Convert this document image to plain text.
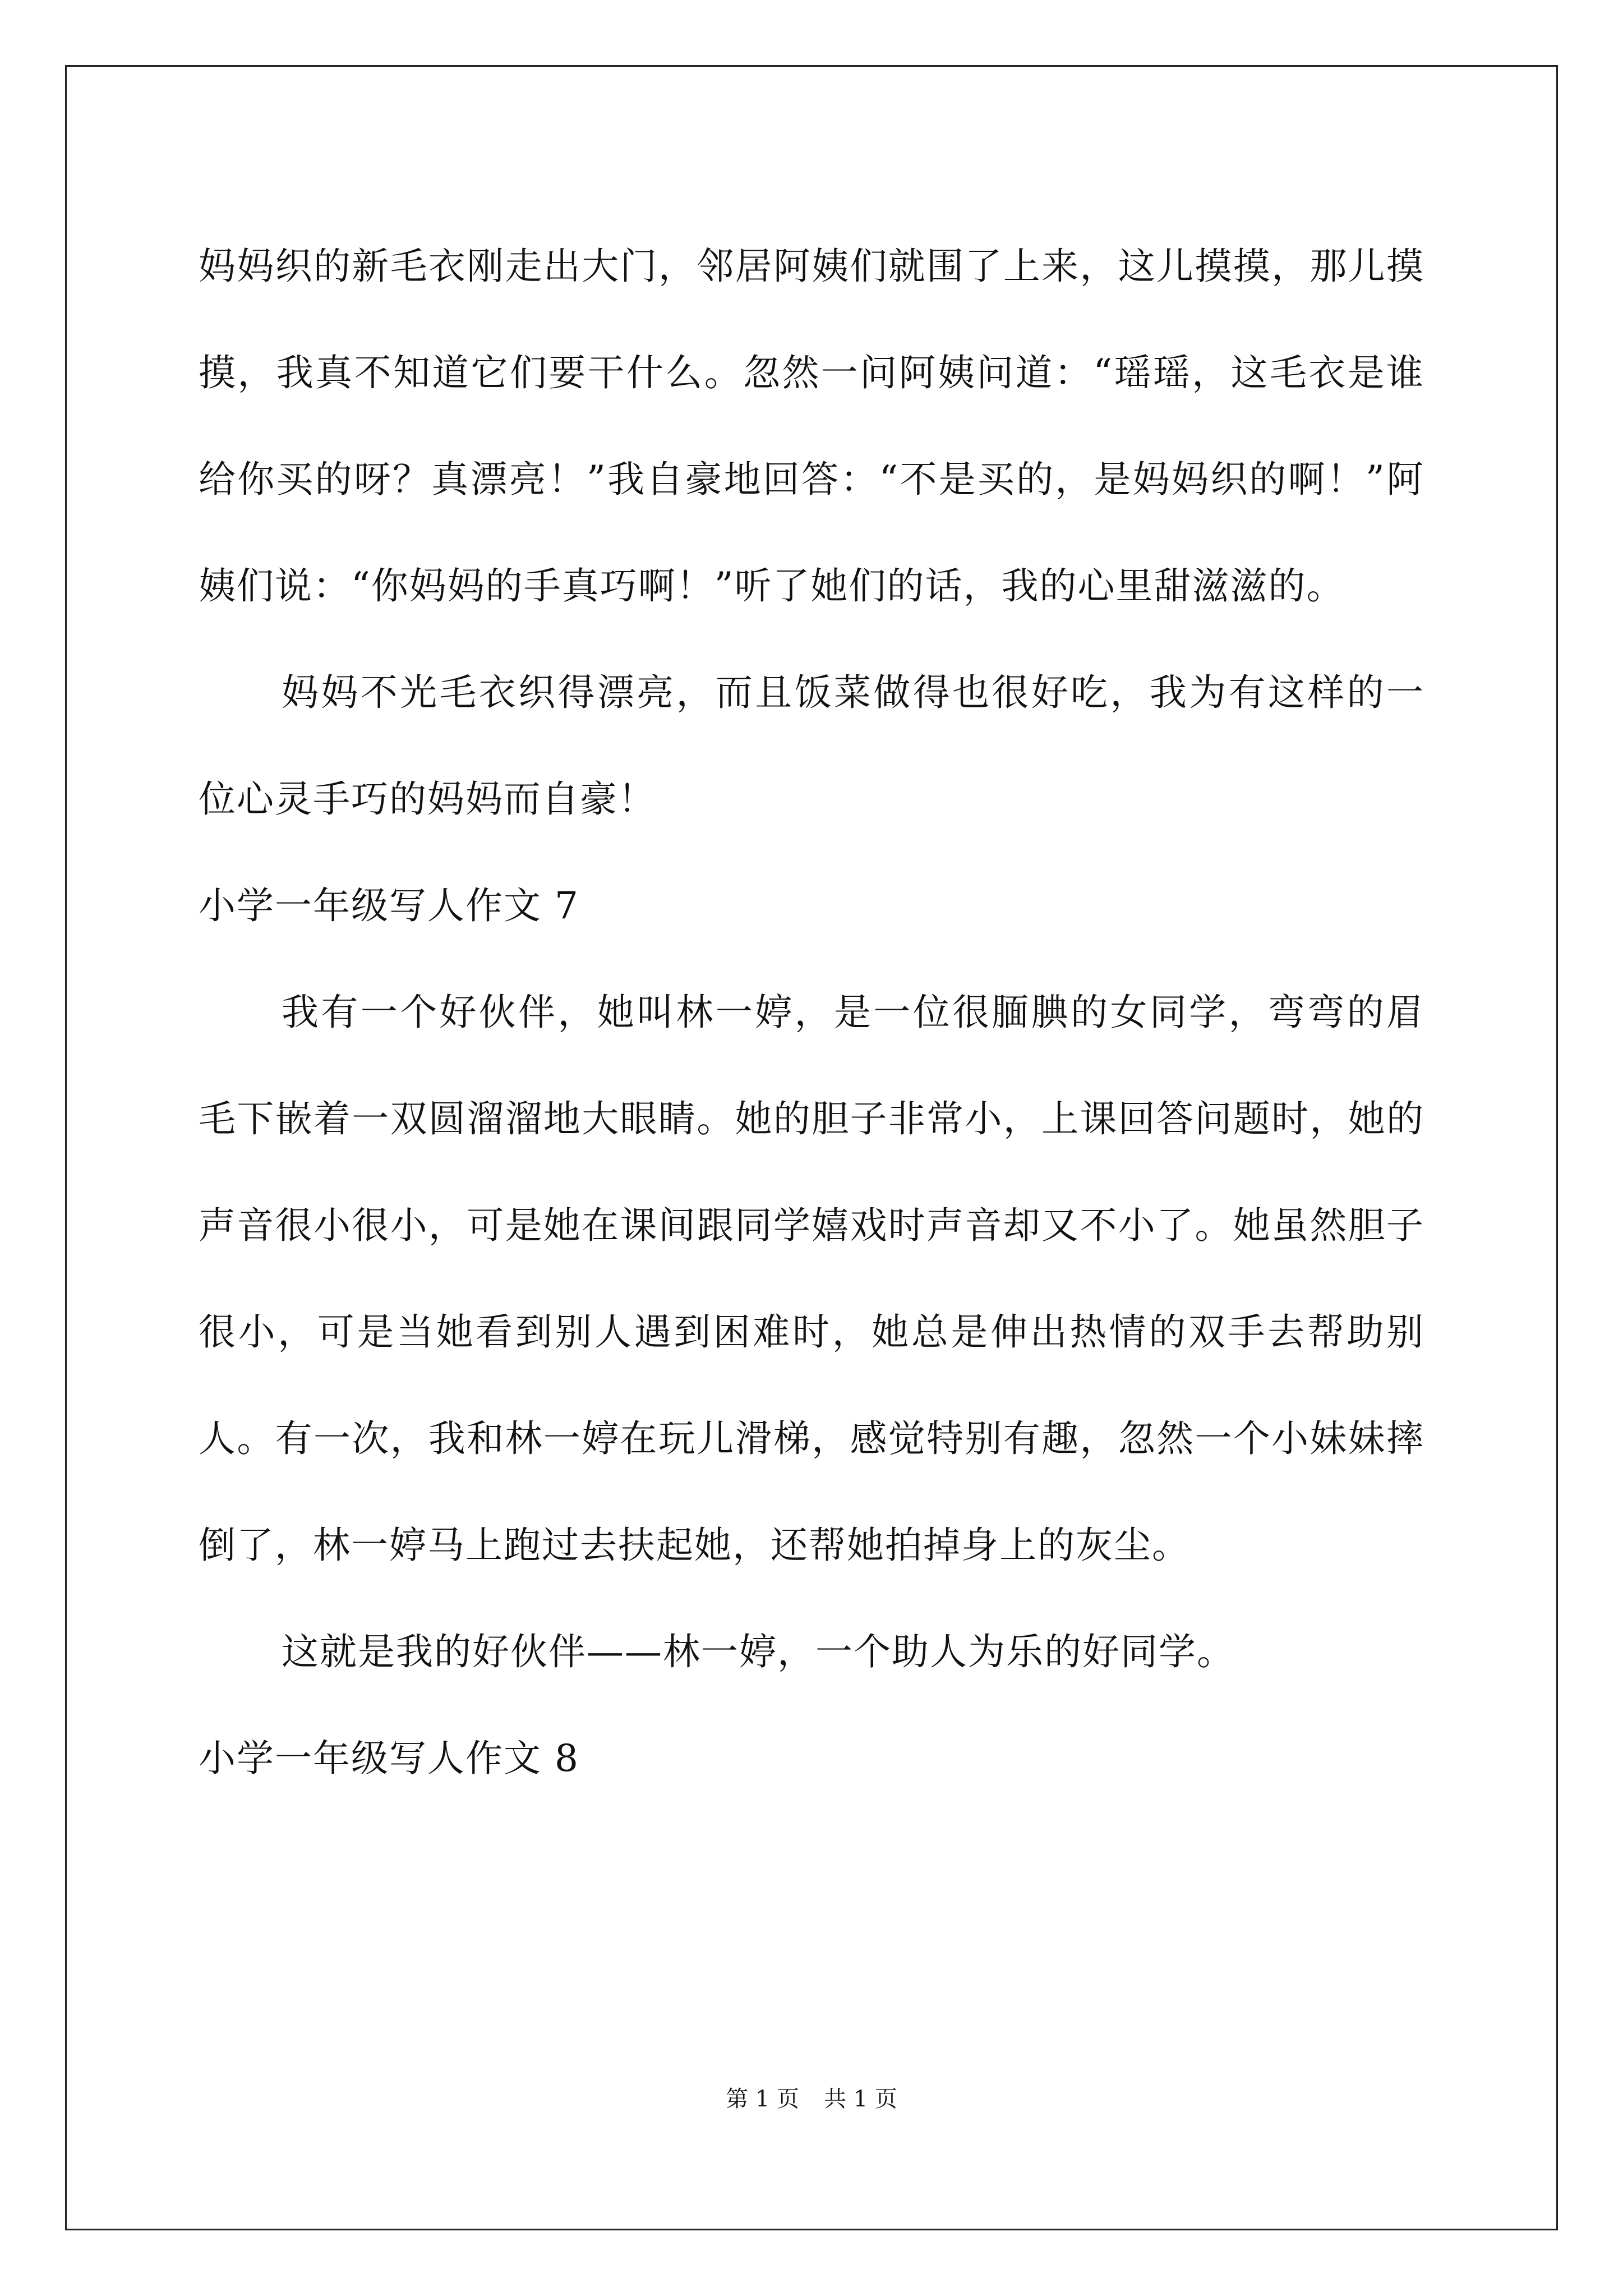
妈妈织的新毛衣刚走出大门，邻居阿姨们就围了上来，这儿摸摸，那儿摸摸，我真不知道它们要干什么。忽然一问阿姨问道：“瑶瑶，这毛衣是谁给你买的呀？真漂亮！”我自豪地回答：“不是买的，是妈妈织的啊！”阿姨们说：“你妈妈的手真巧啊！”听了她们的话，我的心里甜滋滋的。

妈妈不光毛衣织得漂亮，而且饭菜做得也很好吃，我为有这样的一位心灵手巧的妈妈而自豪！

小学一年级写人作文 7

我有一个好伙伴，她叫林一婷，是一位很腼腆的女同学，弯弯的眉毛下嵌着一双圆溜溜地大眼睛。她的胆子非常小，上课回答问题时，她的声音很小很小，可是她在课间跟同学嬉戏时声音却又不小了。她虽然胆子很小，可是当她看到别人遇到困难时，她总是伸出热情的双手去帮助别人。有一次，我和林一婷在玩儿滑梯，感觉特别有趣，忽然一个小妹妹摔倒了，林一婷马上跑过去扶起她，还帮她拍掉身上的灰尘。

这就是我的好伙伴——林一婷，一个助人为乐的好同学。

小学一年级写人作文 8

第 1 页 共 1 页
